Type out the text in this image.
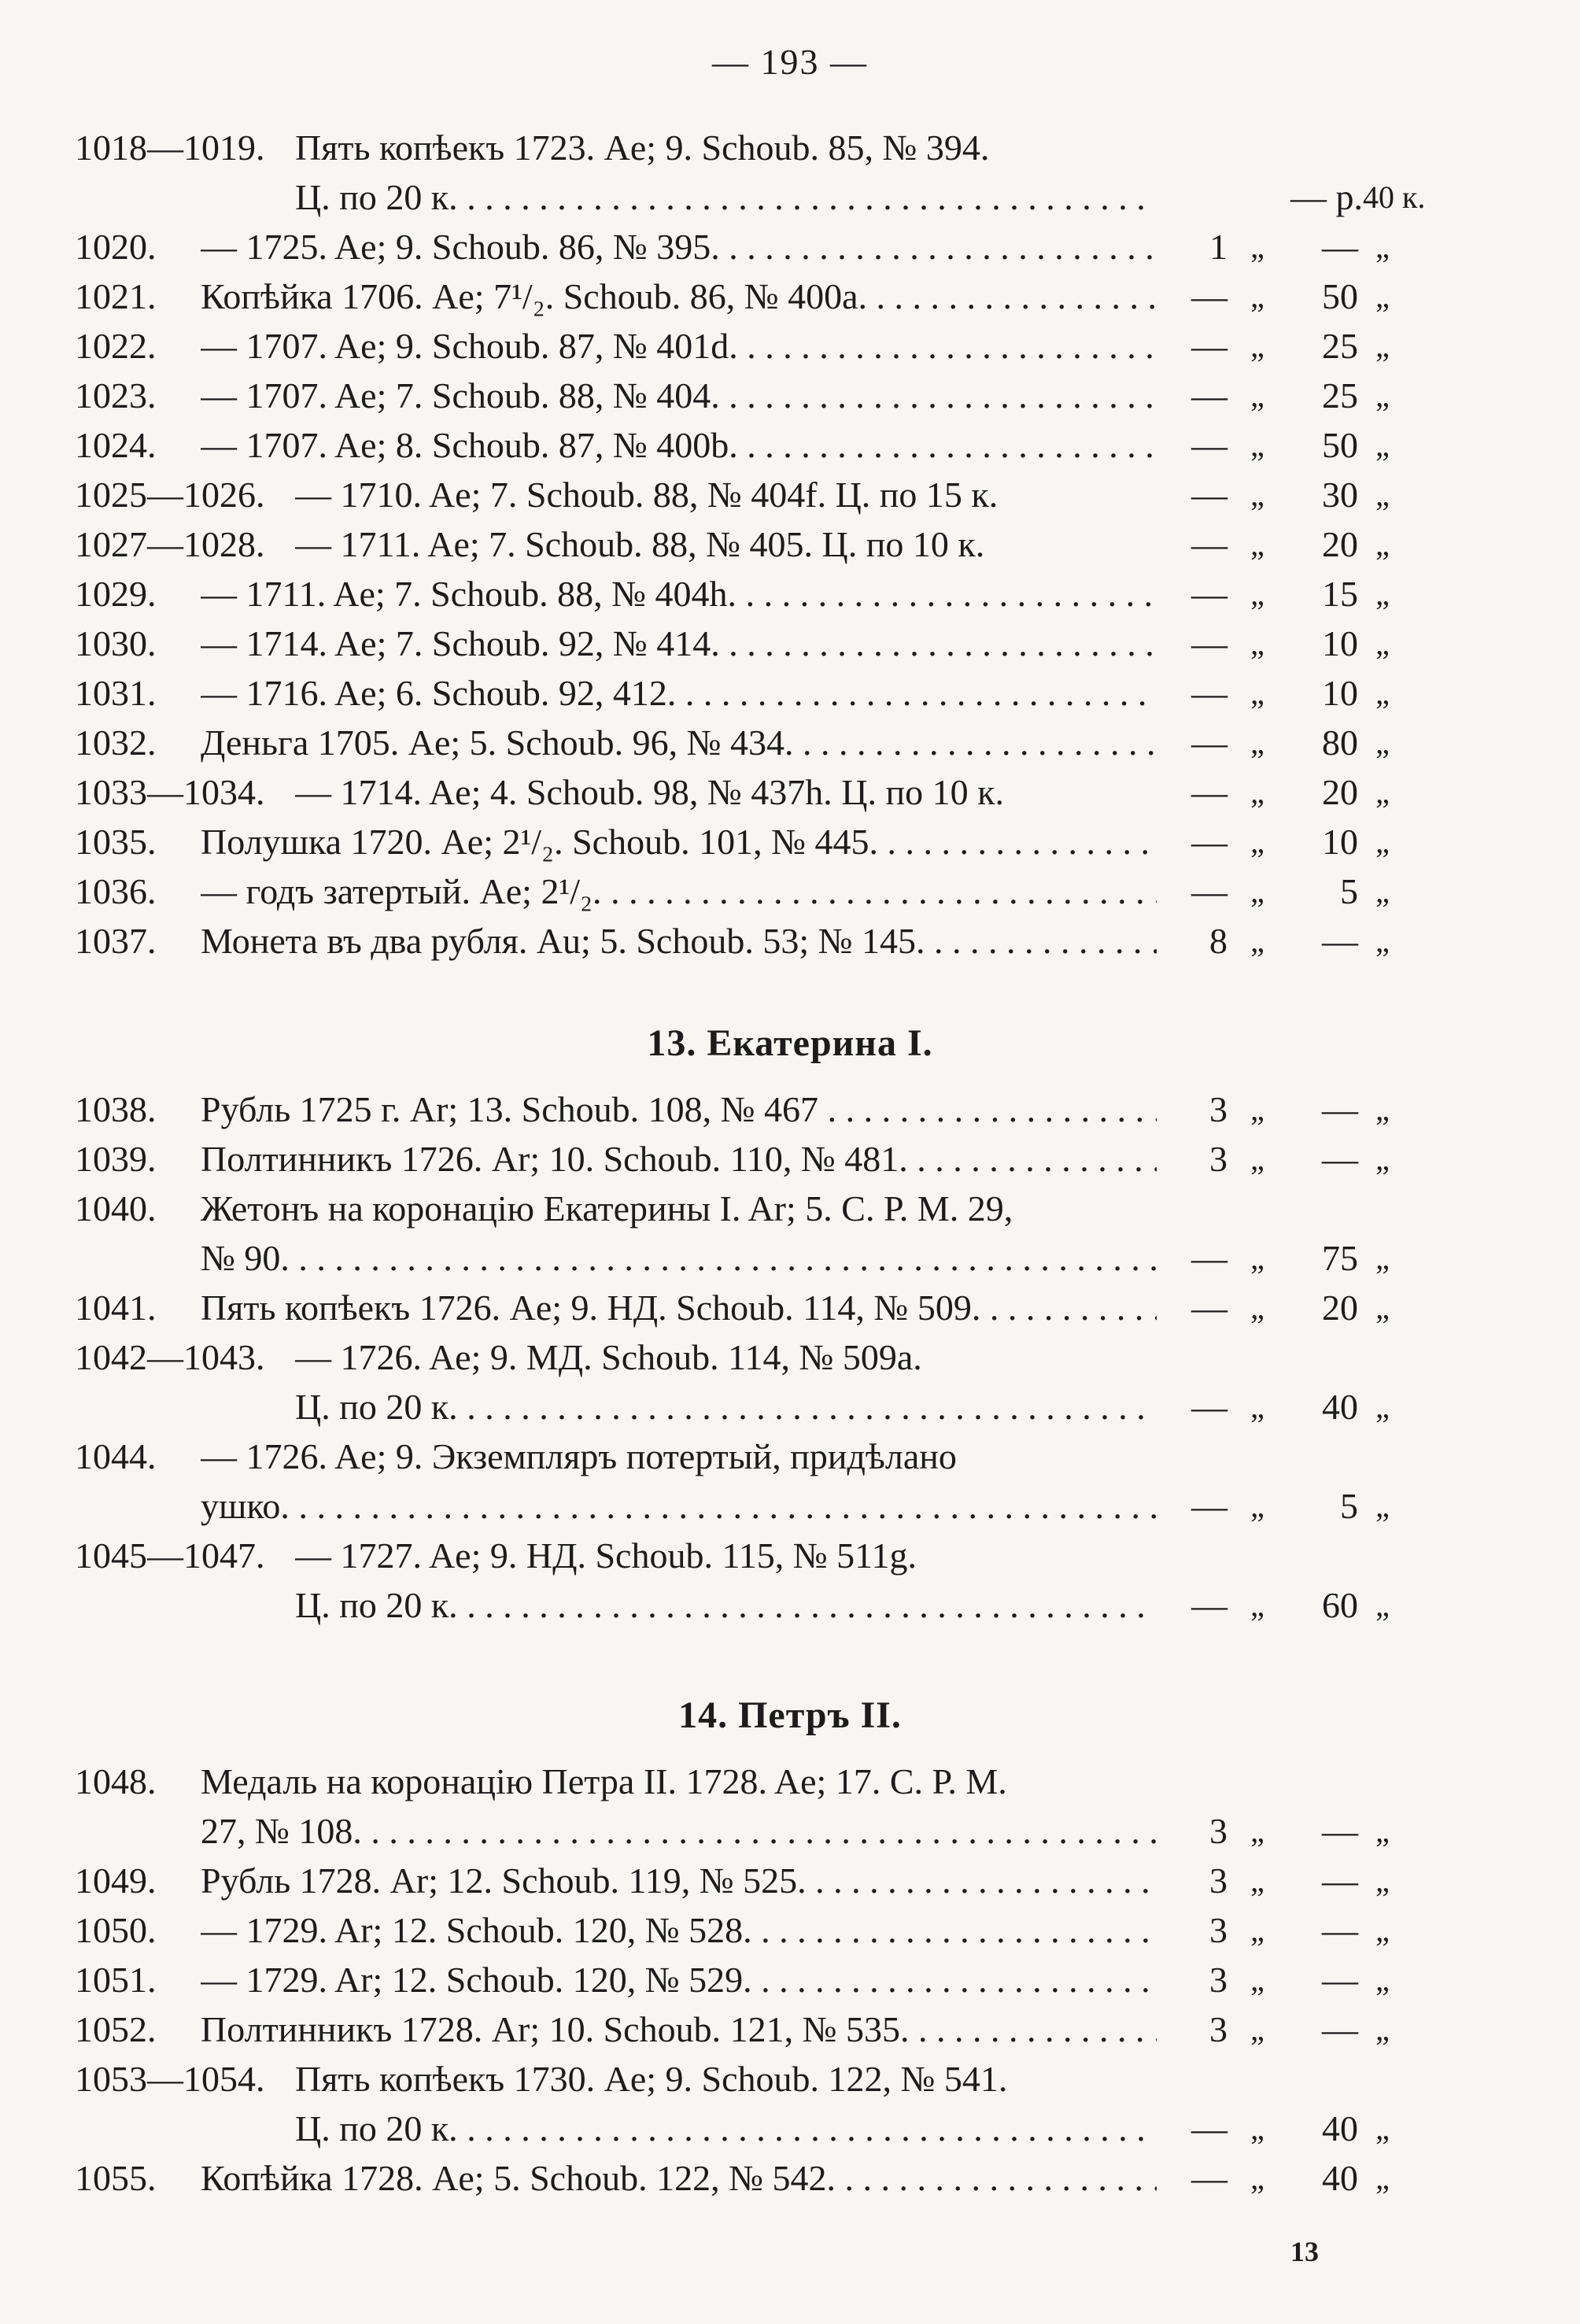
— 193 —
1018—1019. Пять копѣекъ 1723. Ae; 9. Schoub. 85, № 394.
Ц. по 20 к. . . .	— р. 40 к.
1020. — 1725. Ae; 9. Schoub. 86, № 395. . . .	1 „	— „
1021. Копѣйка 1706. Ae; 7¹/₂. Schoub. 86, № 400a. . . .	— „	50 „
1022. — 1707. Ae; 9. Schoub. 87, № 401d. . . .	— „	25 „
1023. — 1707. Ae; 7. Schoub. 88, № 404. . . .	— „	25 „
1024. — 1707. Ae; 8. Schoub. 87, № 400b. . . .	— „	50 „
1025—1026. — 1710. Ae; 7. Schoub. 88, № 404f. Ц. по 15 к.	— „	30 „
1027—1028. — 1711. Ae; 7. Schoub. 88, № 405. Ц. по 10 к.	— „	20 „
1029. — 1711. Ae; 7. Schoub. 88, № 404h. . . .	— „	15 „
1030. — 1714. Ae; 7. Schoub. 92, № 414. . . .	— „	10 „
1031. — 1716. Ae; 6. Schoub. 92, 412. . . .	— „	10 „
1032. Деньга 1705. Ae; 5. Schoub. 96, № 434. . . .	— „	80 „
1033—1034. — 1714. Ae; 4. Schoub. 98, № 437h. Ц. по 10 к.	— „	20 „
1035. Полушка 1720. Ae; 2¹/₂. Schoub. 101, № 445. . . .	— „	10 „
1036. — годъ затертый. Ae; 2¹/₂. . . .	— „	5 „
1037. Монета въ два рубля. Au; 5. Schoub. 53; № 145. . . .	8 „	— „
13. Екатерина I.
1038. Рубль 1725 г. Ar; 13. Schoub. 108, № 467 . . .	3 „	— „
1039. Полтинникъ 1726. Ar; 10. Schoub. 110, № 481. . . .	3 „	— „
1040. Жетонъ на коронацію Екатерины I. Ar; 5. С. Р. М. 29,
№ 90. . . .	— „	75 „
1041. Пять копѣекъ 1726. Ae; 9. НД. Schoub. 114, № 509. . . .	— „	20 „
1042—1043. — 1726. Ae; 9. МД. Schoub. 114, № 509a.
Ц. по 20 к. . . .	— „	40 „
1044. — 1726. Ae; 9. Экземпляръ потертый, придѣлано
ушко. . . .	— „	5 „
1045—1047. — 1727. Ae; 9. НД. Schoub. 115, № 511g.
Ц. по 20 к. . . .	— „	60 „
14. Петръ II.
1048. Медаль на коронацію Петра II. 1728. Ae; 17. С. Р. М.
27, № 108. . . .	3 „	— „
1049. Рубль 1728. Ar; 12. Schoub. 119, № 525. . . .	3 „	— „
1050. — 1729. Ar; 12. Schoub. 120, № 528. . . .	3 „	— „
1051. — 1729. Ar; 12. Schoub. 120, № 529. . . .	3 „	— „
1052. Полтинникъ 1728. Ar; 10. Schoub. 121, № 535. . . .	3 „	— „
1053—1054. Пять копѣекъ 1730. Ae; 9. Schoub. 122, № 541.
Ц. по 20 к. . . .	— „	40 „
1055. Копѣйка 1728. Ae; 5. Schoub. 122, № 542. . . .	— „	40 „
13
